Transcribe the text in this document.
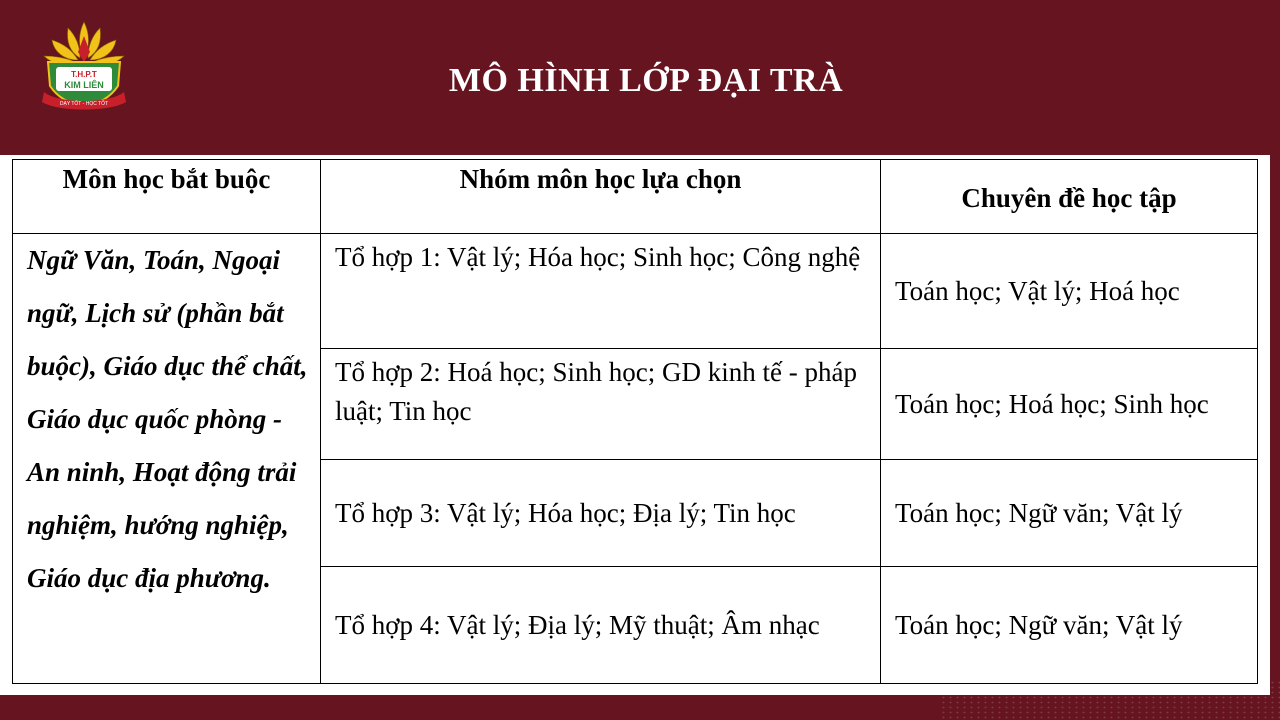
T.H.P.T
KIM LIÊN
DẠY TỐT - HỌC TỐT
MÔ HÌNH LỚP ĐẠI TRÀ
Môn học bắt buộc	Nhóm môn học lựa chọn	Chuyên đề học tập
Ngữ Văn, Toán, Ngoại ngữ, Lịch sử (phần bắt buộc), Giáo dục thể chất, Giáo dục quốc phòng - An ninh, Hoạt động trải nghiệm, hướng nghiệp, Giáo dục địa phương.	Tổ hợp 1: Vật lý; Hóa học; Sinh học; Công nghệ	Toán học; Vật lý; Hoá học
	Tổ hợp 2: Hoá học; Sinh học; GD kinh tế - pháp luật; Tin học	Toán học; Hoá học; Sinh học
	Tổ hợp 3: Vật lý; Hóa học; Địa lý; Tin học	Toán học; Ngữ văn; Vật lý
	Tổ hợp 4: Vật lý; Địa lý; Mỹ thuật; Âm nhạc	Toán học; Ngữ văn; Vật lý
